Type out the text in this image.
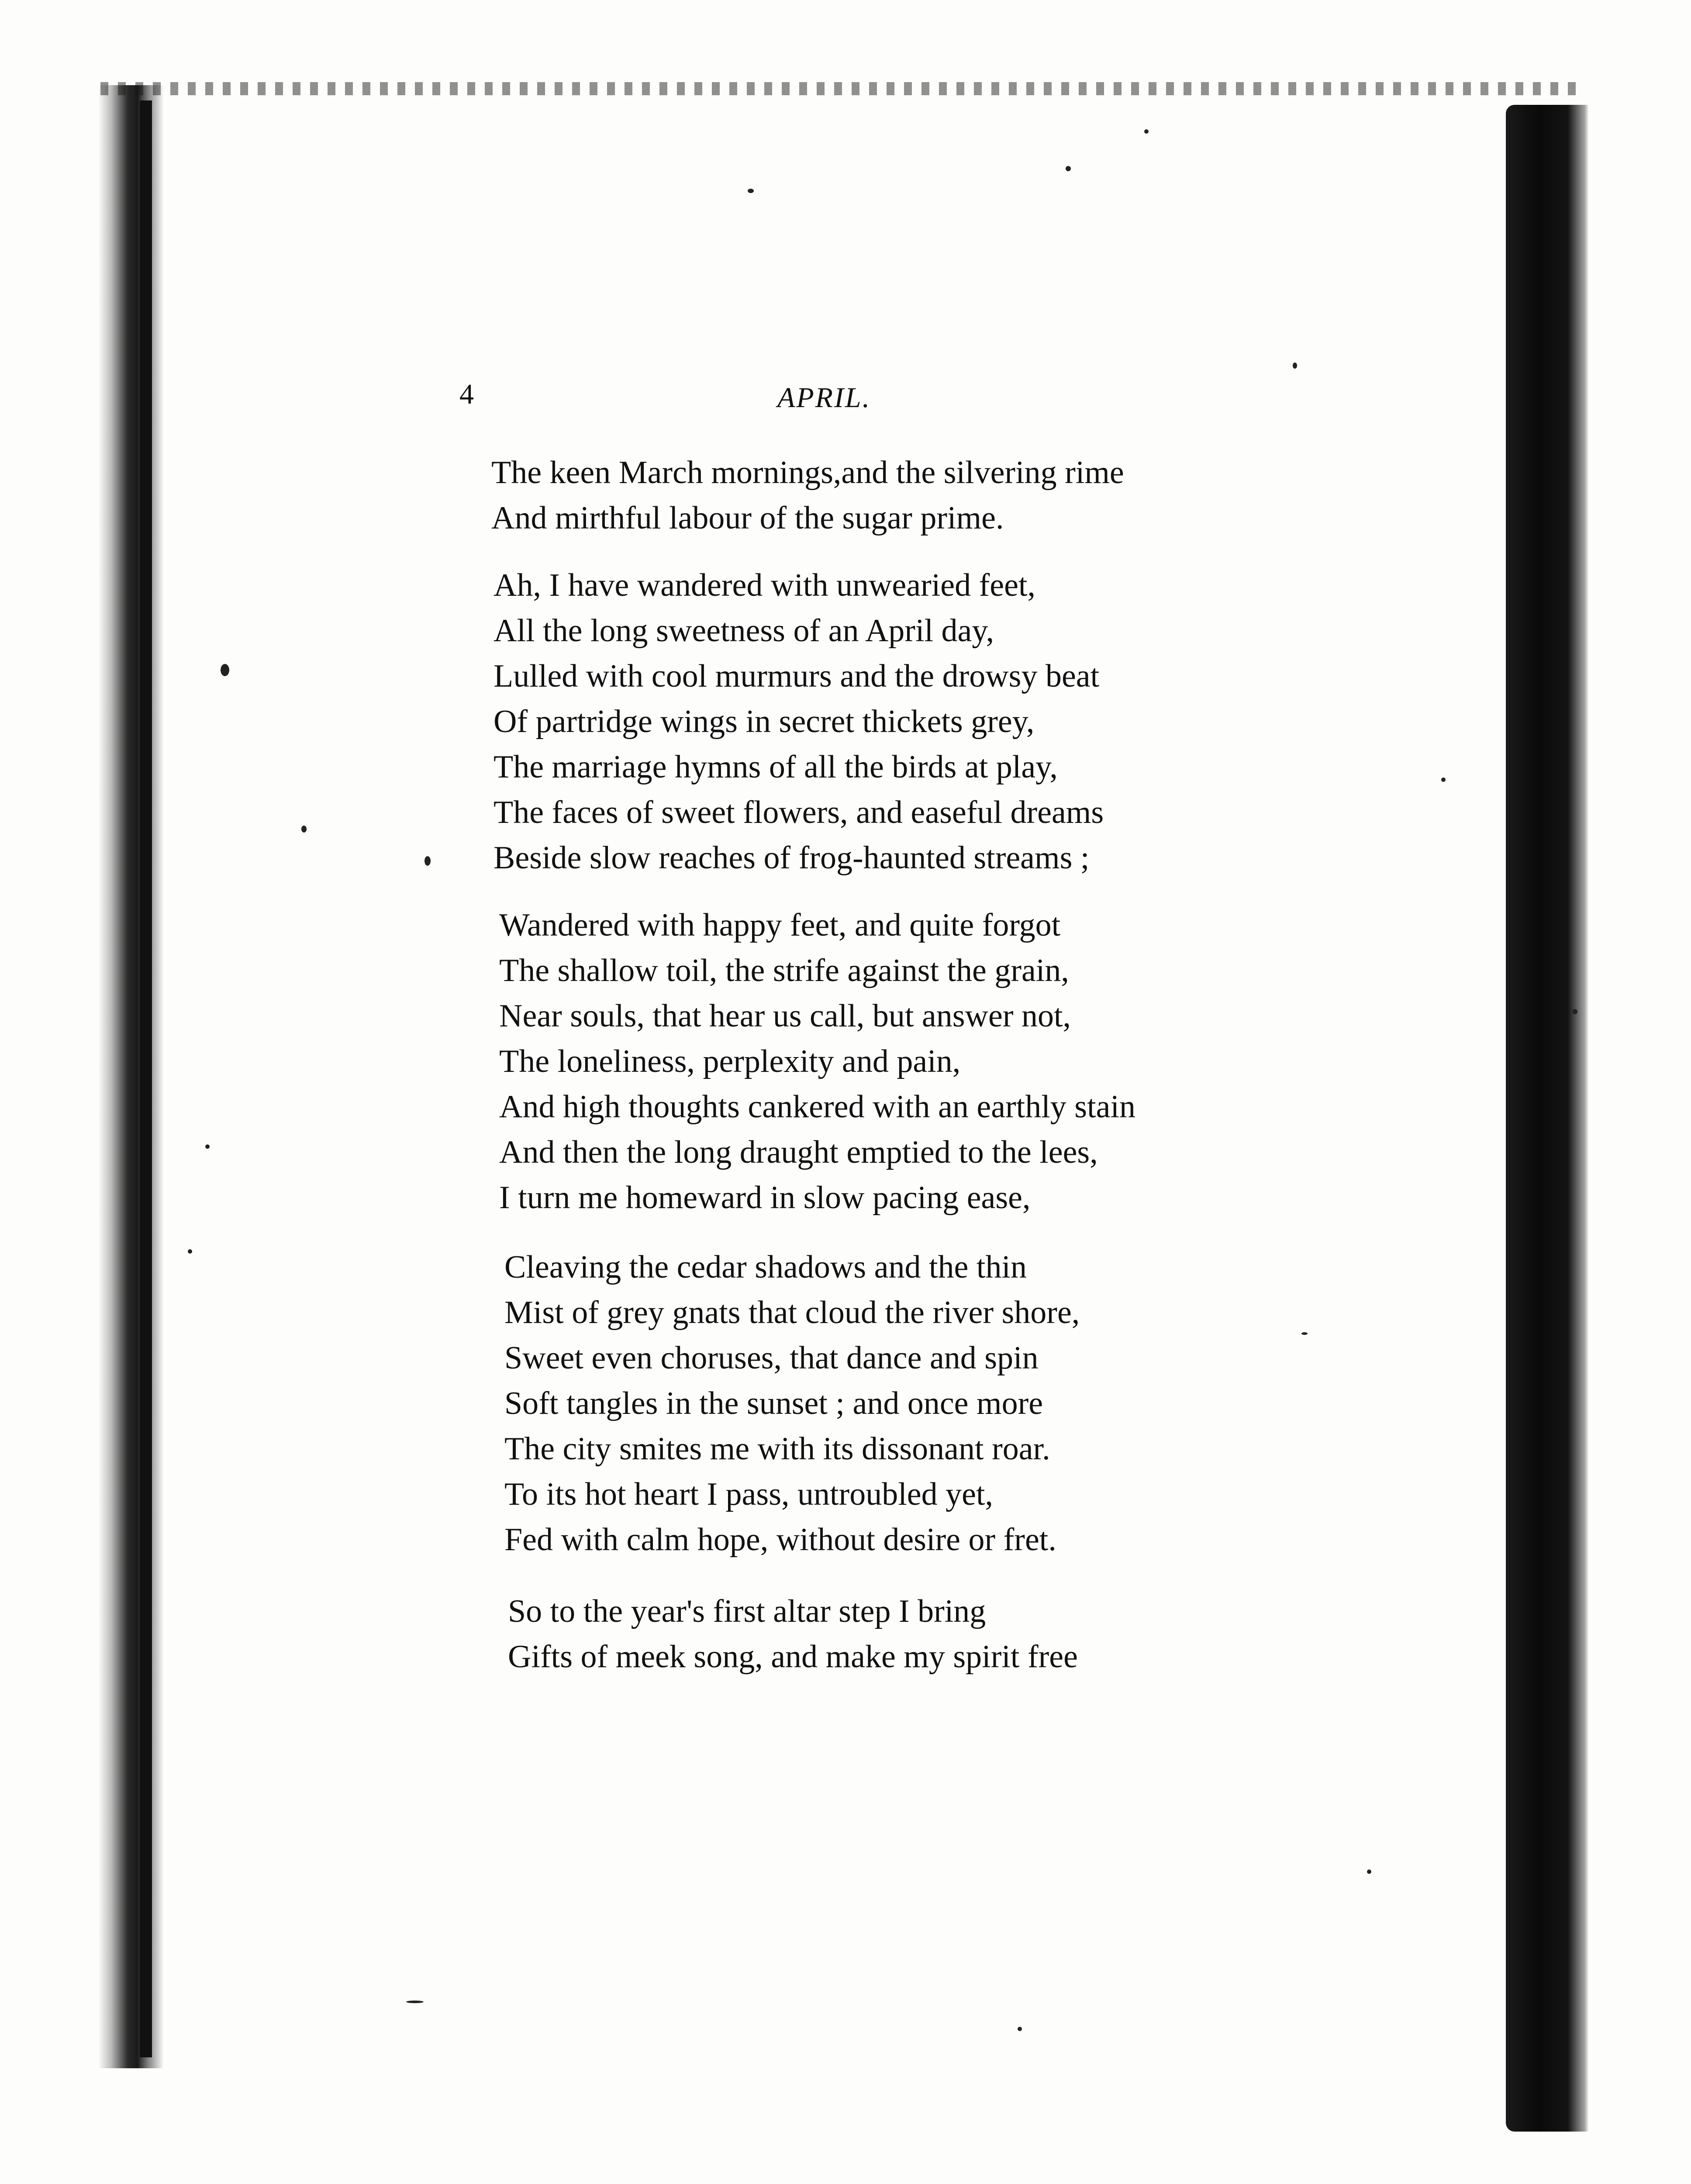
4	APRIL.
The keen March mornings,and the silvering rime
And mirthful labour of the sugar prime.
Ah, I have wandered with unwearied feet,
All the long sweetness of an April day,
Lulled with cool murmurs and the drowsy beat
Of partridge wings in secret thickets grey,
The marriage hymns of all the birds at play,
The faces of sweet flowers, and easeful dreams
Beside slow reaches of frog-haunted streams ;
Wandered with happy feet, and quite forgot
The shallow toil, the strife against the grain,
Near souls, that hear us call, but answer not,
The loneliness, perplexity and pain,
And high thoughts cankered with an earthly stain
And then the long draught emptied to the lees,
I turn me homeward in slow pacing ease,
Cleaving the cedar shadows and the thin
Mist of grey gnats that cloud the river shore,
Sweet even choruses, that dance and spin
Soft tangles in the sunset ; and once more
The city smites me with its dissonant roar.
To its hot heart I pass, untroubled yet,
Fed with calm hope, without desire or fret.
So to the year's first altar step I bring
Gifts of meek song, and make my spirit free
